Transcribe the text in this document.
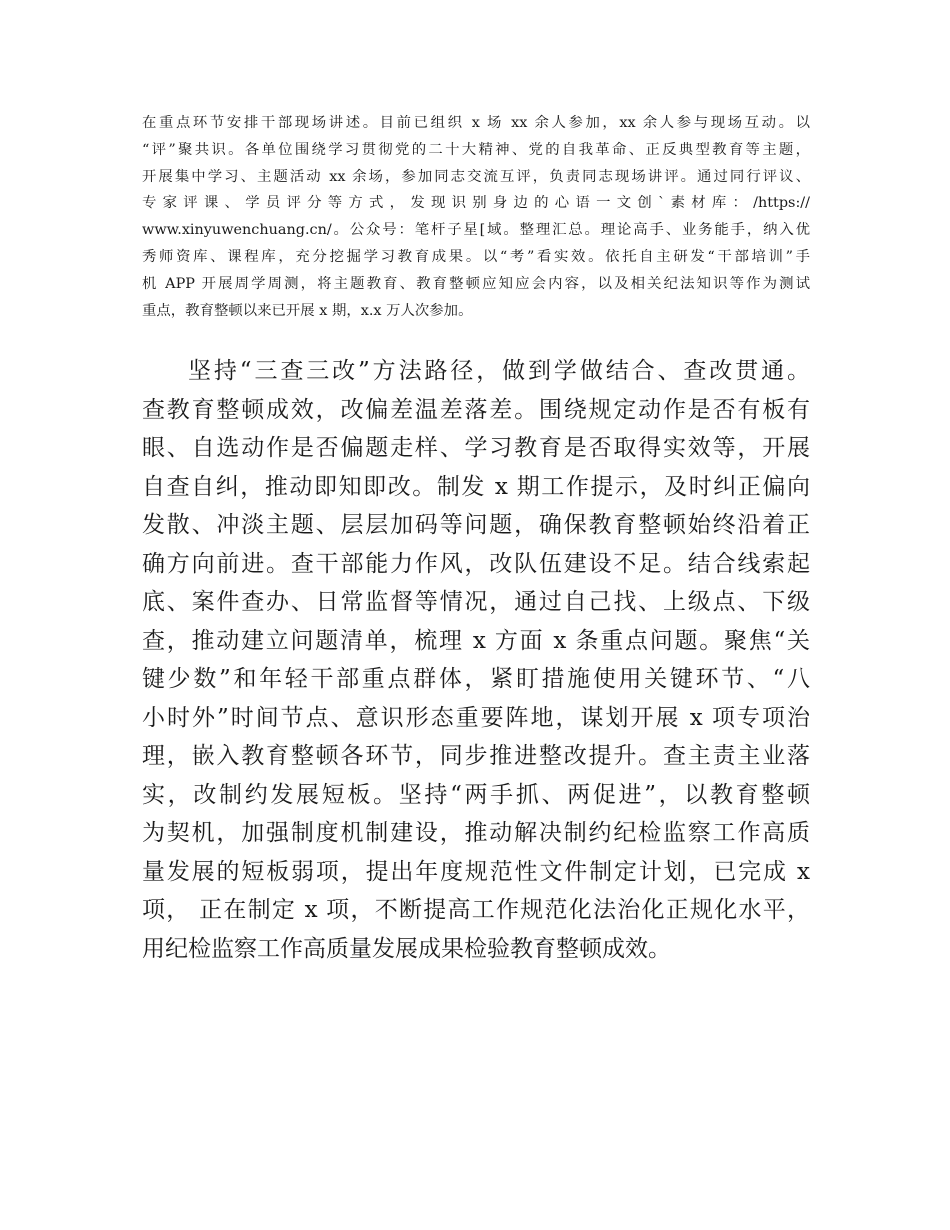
在重点环节安排干部现场讲述。目前已组织 x 场 xx 余人参加，xx 余人参与现场互动。以
“评”聚共识。各单位围绕学习贯彻党的二十大精神、党的自我革命、正反典型教育等主题，
开展集中学习、主题活动 xx 余场，参加同志交流互评，负责同志现场讲评。通过同行评议、
专 家 评 课 、 学 员 评 分 等 方 式 ， 发 现 识 别 身 边 的 心 语 一 文 创 ` 素 材 库 ： /https://
www.xinyuwenchuang.cn/。公众号：笔杆子星[域。整理汇总。理论高手、业务能手，纳入优
秀师资库、课程库，充分挖掘学习教育成果。以“考”看实效。依托自主研发“干部培训”手
机 APP 开展周学周测，将主题教育、教育整顿应知应会内容，以及相关纪法知识等作为测试
重点，教育整顿以来已开展 x 期，x.x 万人次参加。
坚持“三查三改”方法路径，做到学做结合、查改贯通。
查教育整顿成效，改偏差温差落差。围绕规定动作是否有板有
眼、自选动作是否偏题走样、学习教育是否取得实效等，开展
自查自纠，推动即知即改。制发 x 期工作提示，及时纠正偏向
发散、冲淡主题、层层加码等问题，确保教育整顿始终沿着正
确方向前进。查干部能力作风，改队伍建设不足。结合线索起
底、案件查办、日常监督等情况，通过自己找、上级点、下级
查，推动建立问题清单，梳理 x 方面 x 条重点问题。聚焦“关
键少数”和年轻干部重点群体，紧盯措施使用关键环节、“八
小时外”时间节点、意识形态重要阵地，谋划开展 x 项专项治
理，嵌入教育整顿各环节，同步推进整改提升。查主责主业落
实，改制约发展短板。坚持“两手抓、两促进”，以教育整顿
为契机，加强制度机制建设，推动解决制约纪检监察工作高质
量发展的短板弱项，提出年度规范性文件制定计划，已完成 x
项， 正在制定 x 项，不断提高工作规范化法治化正规化水平，
用纪检监察工作高质量发展成果检验教育整顿成效。
